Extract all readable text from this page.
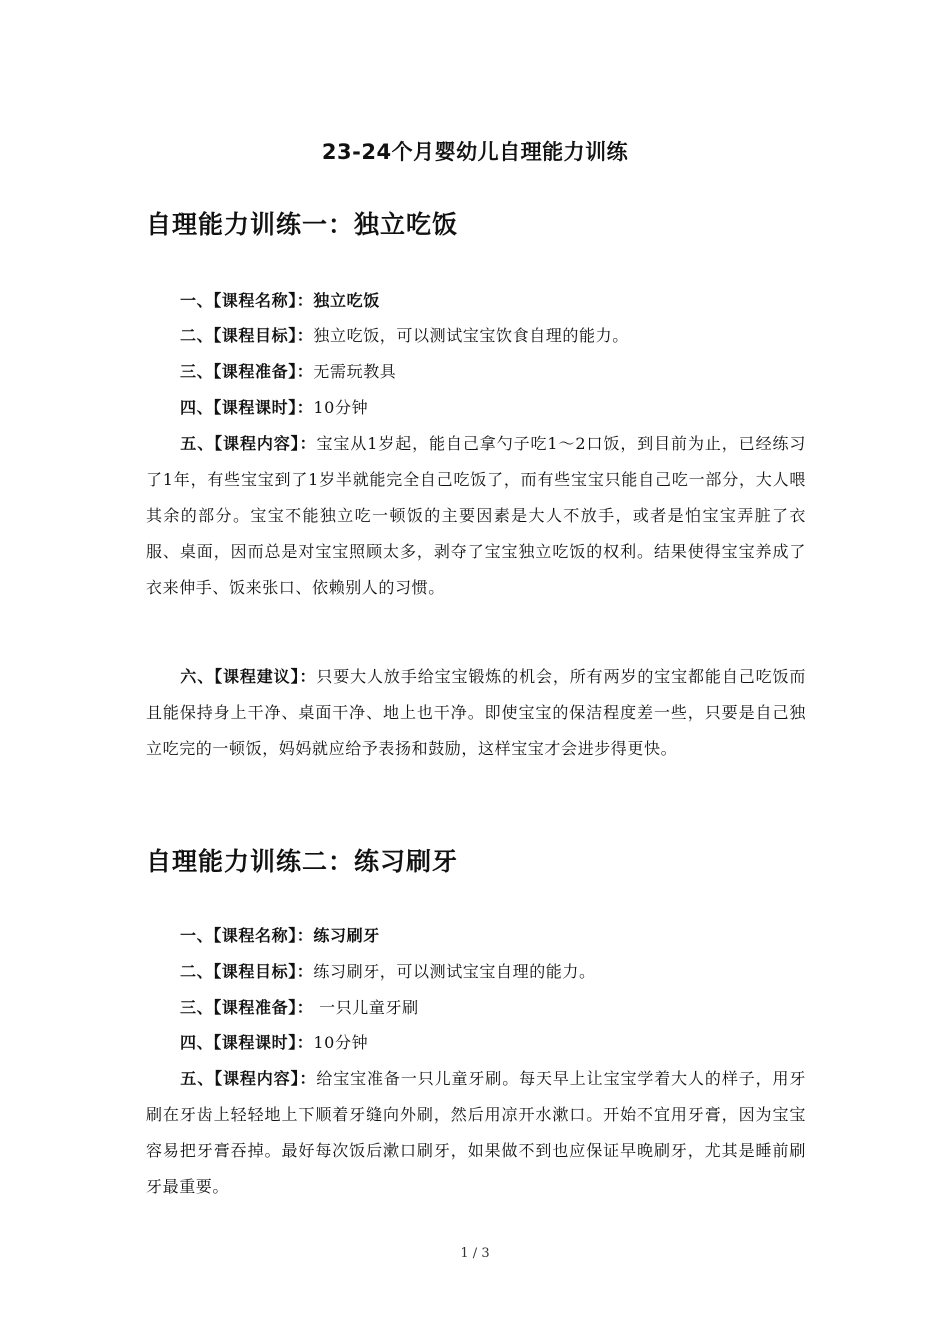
23-24个月婴幼儿自理能力训练
自理能力训练一：独立吃饭

一、【课程名称】：独立吃饭

二、【课程目标】：独立吃饭，可以测试宝宝饮食自理的能力。

三、【课程准备】：无需玩教具

四、【课程课时】：10分钟

五、【课程内容】：宝宝从1岁起，能自己拿勺子吃1～2口饭，到目前为止，已经练习了1年，有些宝宝到了1岁半就能完全自己吃饭了，而有些宝宝只能自己吃一部分，大人喂其余的部分。宝宝不能独立吃一顿饭的主要因素是大人不放手，或者是怕宝宝弄脏了衣服、桌面，因而总是对宝宝照顾太多，剥夺了宝宝独立吃饭的权利。结果使得宝宝养成了衣来伸手、饭来张口、依赖别人的习惯。

六、【课程建议】：只要大人放手给宝宝锻炼的机会，所有两岁的宝宝都能自己吃饭而且能保持身上干净、桌面干净、地上也干净。即使宝宝的保洁程度差一些，只要是自己独立吃完的一顿饭，妈妈就应给予表扬和鼓励，这样宝宝才会进步得更快。

自理能力训练二：练习刷牙

一、【课程名称】：练习刷牙

二、【课程目标】：练习刷牙，可以测试宝宝自理的能力。

三、【课程准备】： 一只儿童牙刷

四、【课程课时】：10分钟

五、【课程内容】：给宝宝准备一只儿童牙刷。每天早上让宝宝学着大人的样子，用牙刷在牙齿上轻轻地上下顺着牙缝向外刷，然后用凉开水漱口。开始不宜用牙膏，因为宝宝容易把牙膏吞掉。最好每次饭后漱口刷牙，如果做不到也应保证早晚刷牙，尤其是睡前刷牙最重要。

1 / 3
